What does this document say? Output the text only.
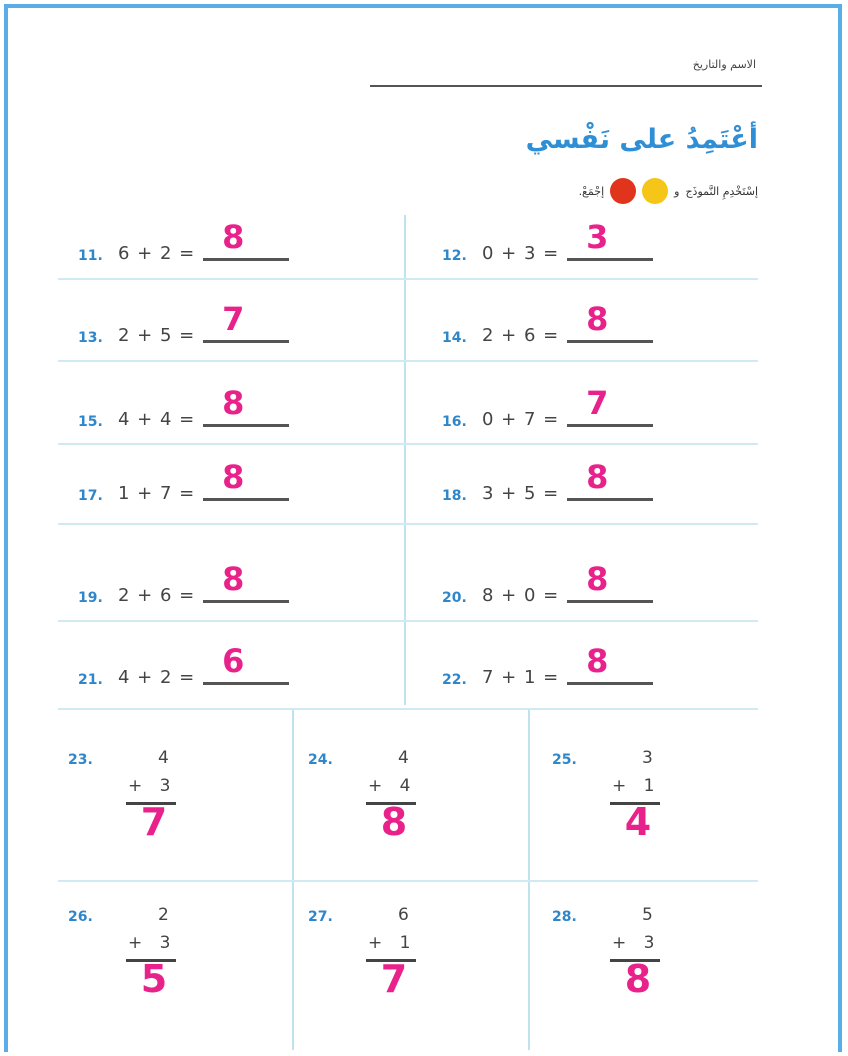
الاسم والتاريخ
أعْتَمِدُ على نَفْسي
إسْتَخْدِمِ النَّموذَج
و
إجْمَعْ.
11. 6 + 2 = 8	12. 0 + 3 = 3
13. 2 + 5 = 7	14. 2 + 6 = 8
15. 4 + 4 = 8	16. 0 + 7 = 7
17. 1 + 7 = 8	18. 3 + 5 = 8
19. 2 + 6 = 8	20. 8 + 0 = 8
21. 4 + 2 = 6	22. 7 + 1 = 8
23.	4
+ 3
7
24.	4
+ 4
8
25.	3
+ 1
4
26.	2
+ 3
5
27.	6
+ 1
7
28.	5
+ 3
8
